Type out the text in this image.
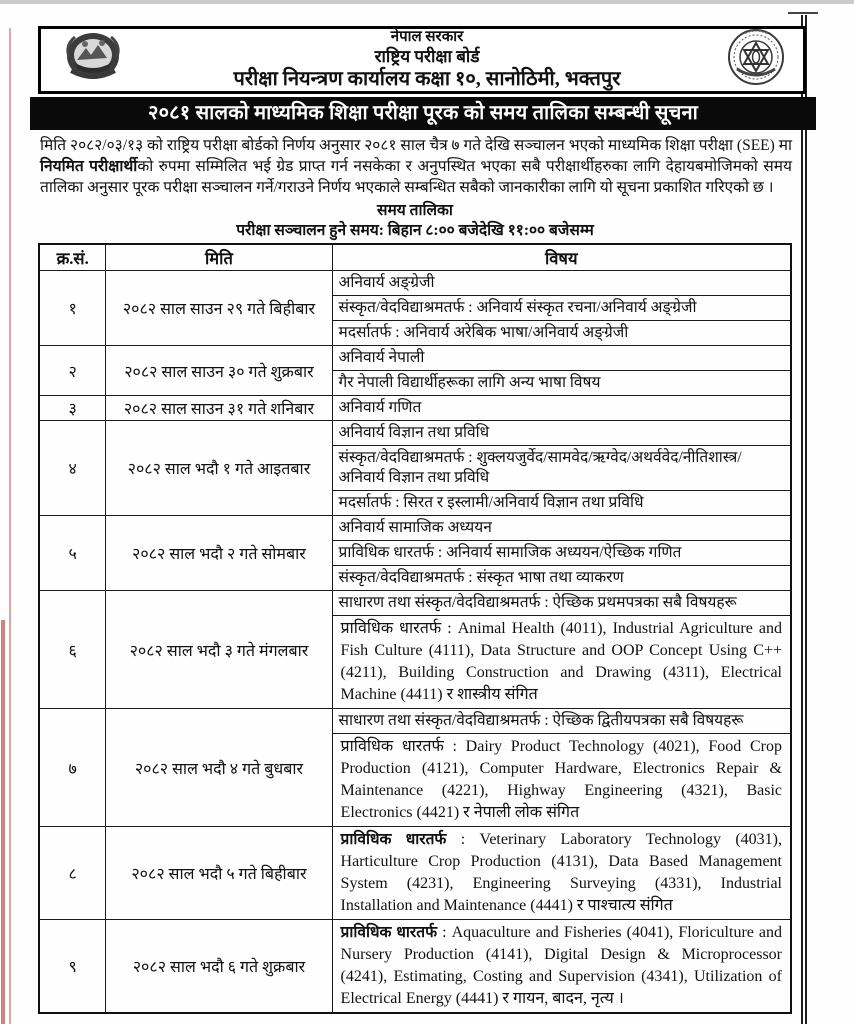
नेपाल सरकार
राष्ट्रिय परीक्षा बोर्ड
परीक्षा नियन्त्रण कार्यालय कक्षा १०, सानोठिमी, भक्तपुर
२०८१ सालको माध्यमिक शिक्षा परीक्षा पूरक को समय तालिका सम्बन्धी सूचना

मिति २०८२/०३/१३ को राष्ट्रिय परीक्षा बोर्डको निर्णय अनुसार २०८१ साल चैत्र ७ गते देखि सञ्चालन भएको माध्यमिक शिक्षा परीक्षा (SEE) मा नियमित परीक्षार्थीको रुपमा सम्मिलित भई ग्रेड प्राप्त गर्न नसकेका र अनुपस्थित भएका सबै परीक्षार्थीहरुका लागि देहायबमोजिमको समय तालिका अनुसार पूरक परीक्षा सञ्चालन गर्ने/गराउने निर्णय भएकाले सम्बन्धित सबैको जानकारीका लागि यो सूचना प्रकाशित गरिएको छ ।

समय तालिका
परीक्षा सञ्चालन हुने समय: बिहान ८:०० बजेदेखि ११:०० बजेसम्म
क्र.सं.	मिति	विषय
१	२०८२ साल साउन २९ गते बिहीबार	अनिवार्य अङ्ग्रेजी
		संस्कृत/वेदविद्याश्रमतर्फ : अनिवार्य संस्कृत रचना/अनिवार्य अङ्ग्रेजी
		मदर्सातर्फ : अनिवार्य अरेबिक भाषा/अनिवार्य अङ्ग्रेजी
२	२०८२ साल साउन ३० गते शुक्रबार	अनिवार्य नेपाली
		गैर नेपाली विद्यार्थीहरूका लागि अन्य भाषा विषय
३	२०८२ साल साउन ३१ गते शनिबार	अनिवार्य गणित
४	२०८२ साल भदौ १ गते आइतबार	अनिवार्य विज्ञान तथा प्रविधि
		संस्कृत/वेदविद्याश्रमतर्फ : शुक्लयजुर्वेद/सामवेद/ऋग्वेद/अथर्ववेद/नीतिशास्त्र/अनिवार्य विज्ञान तथा प्रविधि
		मदर्सातर्फ : सिरत र इस्लामी/अनिवार्य विज्ञान तथा प्रविधि
५	२०८२ साल भदौ २ गते सोमबार	अनिवार्य सामाजिक अध्ययन
		प्राविधिक धारतर्फ : अनिवार्य सामाजिक अध्ययन/ऐच्छिक गणित
		संस्कृत/वेदविद्याश्रमतर्फ : संस्कृत भाषा तथा व्याकरण
६	२०८२ साल भदौ ३ गते मंगलबार	साधारण तथा संस्कृत/वेदविद्याश्रमतर्फ : ऐच्छिक प्रथमपत्रका सबै विषयहरू
		प्राविधिक धारतर्फ : Animal Health (4011), Industrial Agriculture and Fish Culture (4111), Data Structure and OOP Concept Using C++ (4211), Building Construction and Drawing (4311), Electrical Machine (4411) र शास्त्रीय संगित
७	२०८२ साल भदौ ४ गते बुधबार	साधारण तथा संस्कृत/वेदविद्याश्रमतर्फ : ऐच्छिक द्वितीयपत्रका सबै विषयहरू
		प्राविधिक धारतर्फ : Dairy Product Technology (4021), Food Crop Production (4121), Computer Hardware, Electronics Repair & Maintenance (4221), Highway Engineering (4321), Basic Electronics (4421) र नेपाली लोक संगित
८	२०८२ साल भदौ ५ गते बिहीबार	प्राविधिक धारतर्फ : Veterinary Laboratory Technology (4031), Harticulture Crop Production (4131), Data Based Management System (4231), Engineering Surveying (4331), Industrial Installation and Maintenance (4441) र पाश्चात्य संगित
९	२०८२ साल भदौ ६ गते शुक्रबार	प्राविधिक धारतर्फ : Aquaculture and Fisheries (4041), Floriculture and Nursery Production (4141), Digital Design & Microprocessor (4241), Estimating, Costing and Supervision (4341), Utilization of Electrical Energy (4441) र गायन, बादन, नृत्य ।
